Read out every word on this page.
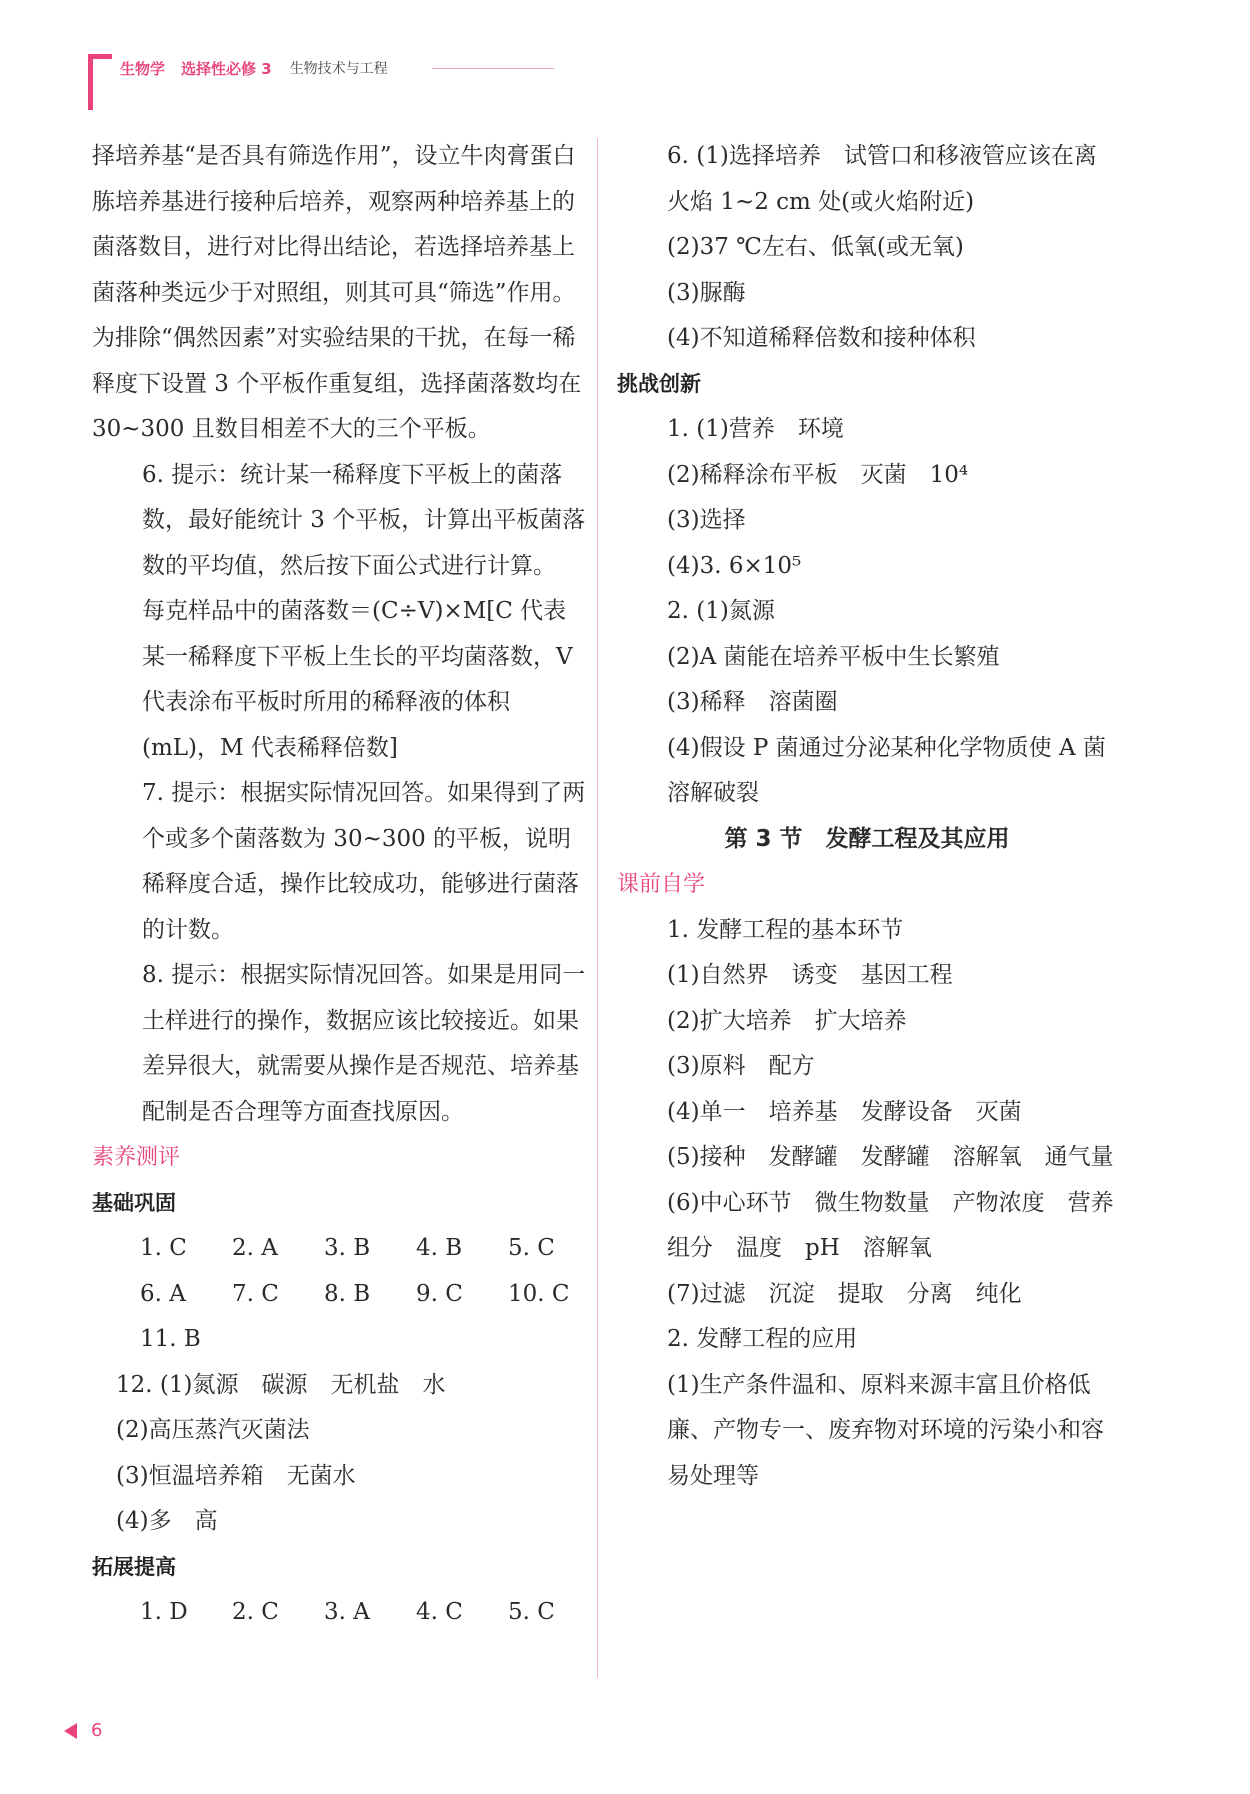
生物学 选择性必修 3 生物技术与工程

择培养基“是否具有筛选作用”，设立牛肉膏蛋白胨培养基进行接种后培养，观察两种培养基上的菌落数目，进行对比得出结论，若选择培养基上菌落种类远少于对照组，则其可具“筛选”作用。为排除“偶然因素”对实验结果的干扰，在每一稀释度下设置 3 个平板作重复组，选择菌落数均在 30~300 且数目相差不大的三个平板。

6. 提示：统计某一稀释度下平板上的菌落数，最好能统计 3 个平板，计算出平板菌落数的平均值，然后按下面公式进行计算。

每克样品中的菌落数＝(C÷V)×M[C 代表某一稀释度下平板上生长的平均菌落数，V 代表涂布平板时所用的稀释液的体积(mL)，M 代表稀释倍数]

7. 提示：根据实际情况回答。如果得到了两个或多个菌落数为 30~300 的平板，说明稀释度合适，操作比较成功，能够进行菌落的计数。

8. 提示：根据实际情况回答。如果是用同一土样进行的操作，数据应该比较接近。如果差异很大，就需要从操作是否规范、培养基配制是否合理等方面查找原因。

素养测评

基础巩固

1. C	2. A	3. B	4. B	5. C
6. A	7. C	8. B	9. C	10. C
11. B

12. (1)氮源　碳源　无机盐　水

(2)高压蒸汽灭菌法

(3)恒温培养箱　无菌水

(4)多　高

拓展提高

1. D	2. C	3. A	4. C	5. C

6. (1)选择培养　试管口和移液管应该在离火焰 1~2 cm 处(或火焰附近)

(2)37 ℃左右、低氧(或无氧)

(3)脲酶

(4)不知道稀释倍数和接种体积

挑战创新

1. (1)营养　环境

(2)稀释涂布平板　灭菌　10⁴

(3)选择

(4)3. 6×10⁵

2. (1)氮源

(2)A 菌能在培养平板中生长繁殖

(3)稀释　溶菌圈

(4)假设 P 菌通过分泌某种化学物质使 A 菌溶解破裂

第 3 节　发酵工程及其应用

课前自学

1. 发酵工程的基本环节

(1)自然界　诱变　基因工程

(2)扩大培养　扩大培养

(3)原料　配方

(4)单一　培养基　发酵设备　灭菌

(5)接种　发酵罐　发酵罐　溶解氧　通气量

(6)中心环节　微生物数量　产物浓度　营养组分　温度　pH　溶解氧

(7)过滤　沉淀　提取　分离　纯化

2. 发酵工程的应用

(1)生产条件温和、原料来源丰富且价格低廉、产物专一、废弃物对环境的污染小和容易处理等

6
